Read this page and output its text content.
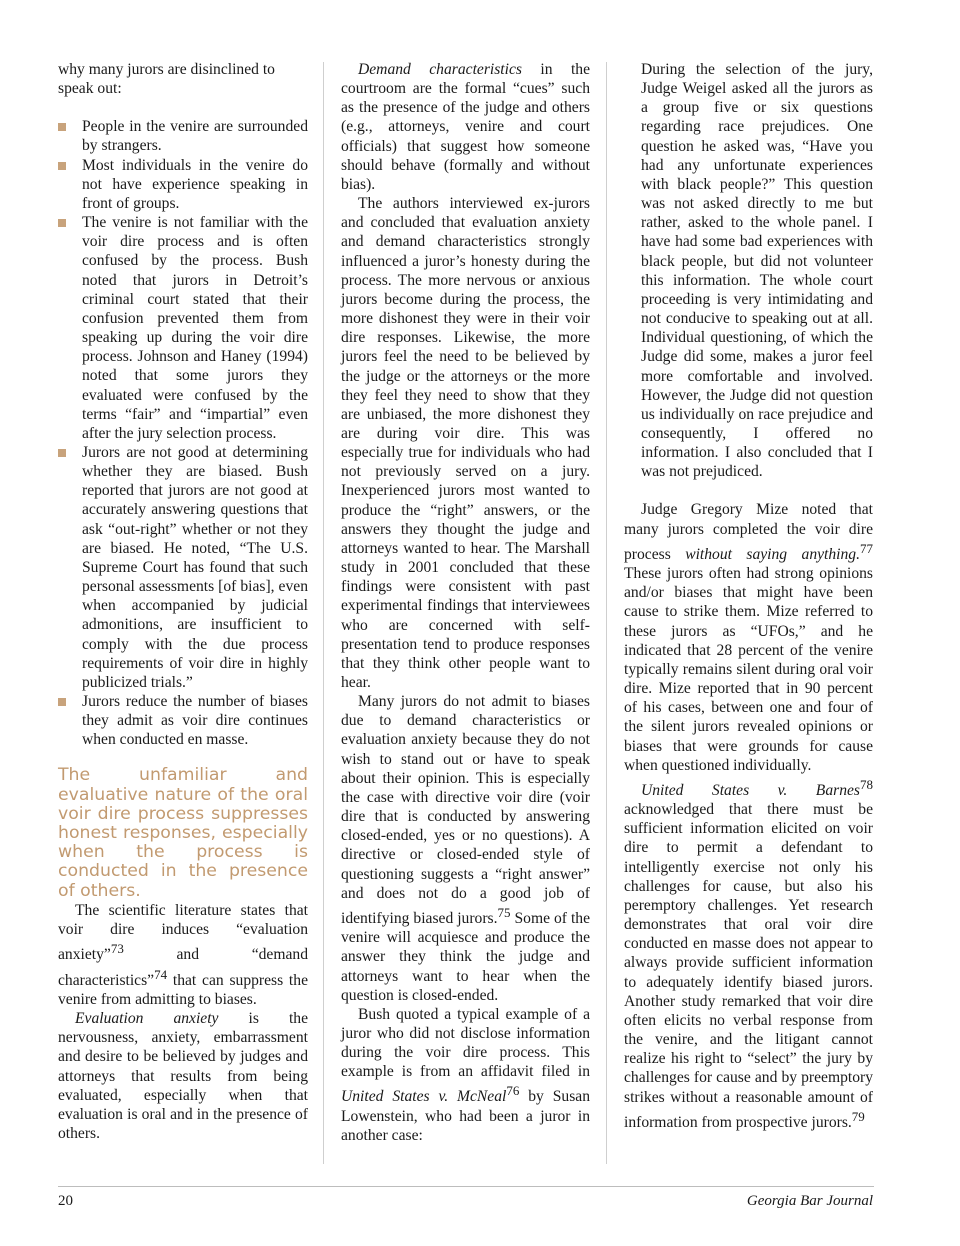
why many jurors are disinclined to speak out:

People in the venire are surrounded by strangers.
Most individuals in the venire do not have experience speaking in front of groups.
The venire is not familiar with the voir dire process and is often confused by the process. Bush noted that jurors in Detroit’s criminal court stated that their confusion prevented them from speaking up during the voir dire process. Johnson and Haney (1994) noted that some jurors they evaluated were confused by the terms “fair” and “impartial” even after the jury selection process.
Jurors are not good at determining whether they are biased. Bush reported that jurors are not good at accurately answering questions that ask “out-right” whether or not they are biased. He noted, “The U.S. Supreme Court has found that such personal assessments [of bias], even when accompanied by judicial admonitions, are insufficient to comply with the due process requirements of voir dire in highly publicized trials.”
Jurors reduce the number of biases they admit as voir dire continues when conducted en masse.

The unfamiliar and evaluative nature of the oral voir dire process suppresses honest responses, especially when the process is conducted in the presence of others.

The scientific literature states that voir dire induces “evaluation anxiety”$^{73}$ and “demand characteristics”$^{74}$ that can suppress the venire from admitting to biases.

Evaluation anxiety is the nervousness, anxiety, embarrassment and desire to be believed by judges and attorneys that results from being evaluated, especially when that evaluation is oral and in the presence of others.

Demand characteristics in the courtroom are the formal “cues” such as the presence of the judge and others (e.g., attorneys, venire and court officials) that suggest how someone should behave (formally and without bias).

The authors interviewed ex-jurors and concluded that evaluation anxiety and demand characteristics strongly influenced a juror’s honesty during the process. The more nervous or anxious jurors become during the process, the more dishonest they were in their voir dire responses. Likewise, the more jurors feel the need to be believed by the judge or the attorneys or the more they feel they need to show that they are unbiased, the more dishonest they are during voir dire. This was especially true for individuals who had not previously served on a jury. Inexperienced jurors most wanted to produce the “right” answers, or the answers they thought the judge and attorneys wanted to hear. The Marshall study in 2001 concluded that these findings were consistent with past experimental findings that interviewees who are concerned with self-presentation tend to produce responses that they think other people want to hear.

Many jurors do not admit to biases due to demand characteristics or evaluation anxiety because they do not wish to stand out or have to speak about their opinion. This is especially the case with directive voir dire (voir dire that is conducted by answering closed-ended, yes or no questions). A directive or closed-ended style of questioning suggests a “right answer” and does not do a good job of identifying biased jurors.$^{75}$ Some of the venire will acquiesce and produce the answer they think the judge and attorneys want to hear when the question is closed-ended.

Bush quoted a typical example of a juror who did not disclose information during the voir dire process. This example is from an affidavit filed in United States v. McNeal$^{76}$ by Susan Lowenstein, who had been a juror in another case:

During the selection of the jury, Judge Weigel asked all the jurors as a group five or six questions regarding race prejudices. One question he asked was, “Have you had any unfortunate experiences with black people?” This question was not asked directly to me but rather, asked to the whole panel. I have had some bad experiences with black people, but did not volunteer this information. The whole court proceeding is very intimidating and not conducive to speaking out at all. Individual questioning, of which the Judge did some, makes a juror feel more comfortable and involved. However, the Judge did not question us individually on race prejudice and consequently, I offered no information. I also concluded that I was not prejudiced.

Judge Gregory Mize noted that many jurors completed the voir dire process without saying anything.$^{77}$ These jurors often had strong opinions and/or biases that might have been cause to strike them. Mize referred to these jurors as “UFOs,” and he indicated that 28 percent of the venire typically remains silent during oral voir dire. Mize reported that in 90 percent of his cases, between one and four of the silent jurors revealed opinions or biases that were grounds for cause when questioned individually.

United States v. Barnes$^{78}$ acknowledged that there must be sufficient information elicited on voir dire to permit a defendant to intelligently exercise not only his challenges for cause, but also his peremptory challenges. Yet research demonstrates that oral voir dire conducted en masse does not appear to always provide sufficient information to adequately identify biased jurors. Another study remarked that voir dire often elicits no verbal response from the venire, and the litigant cannot realize his right to “select” the jury by challenges for cause and by preemptory strikes without a reasonable amount of information from prospective jurors.$^{79}$

20	Georgia Bar Journal
